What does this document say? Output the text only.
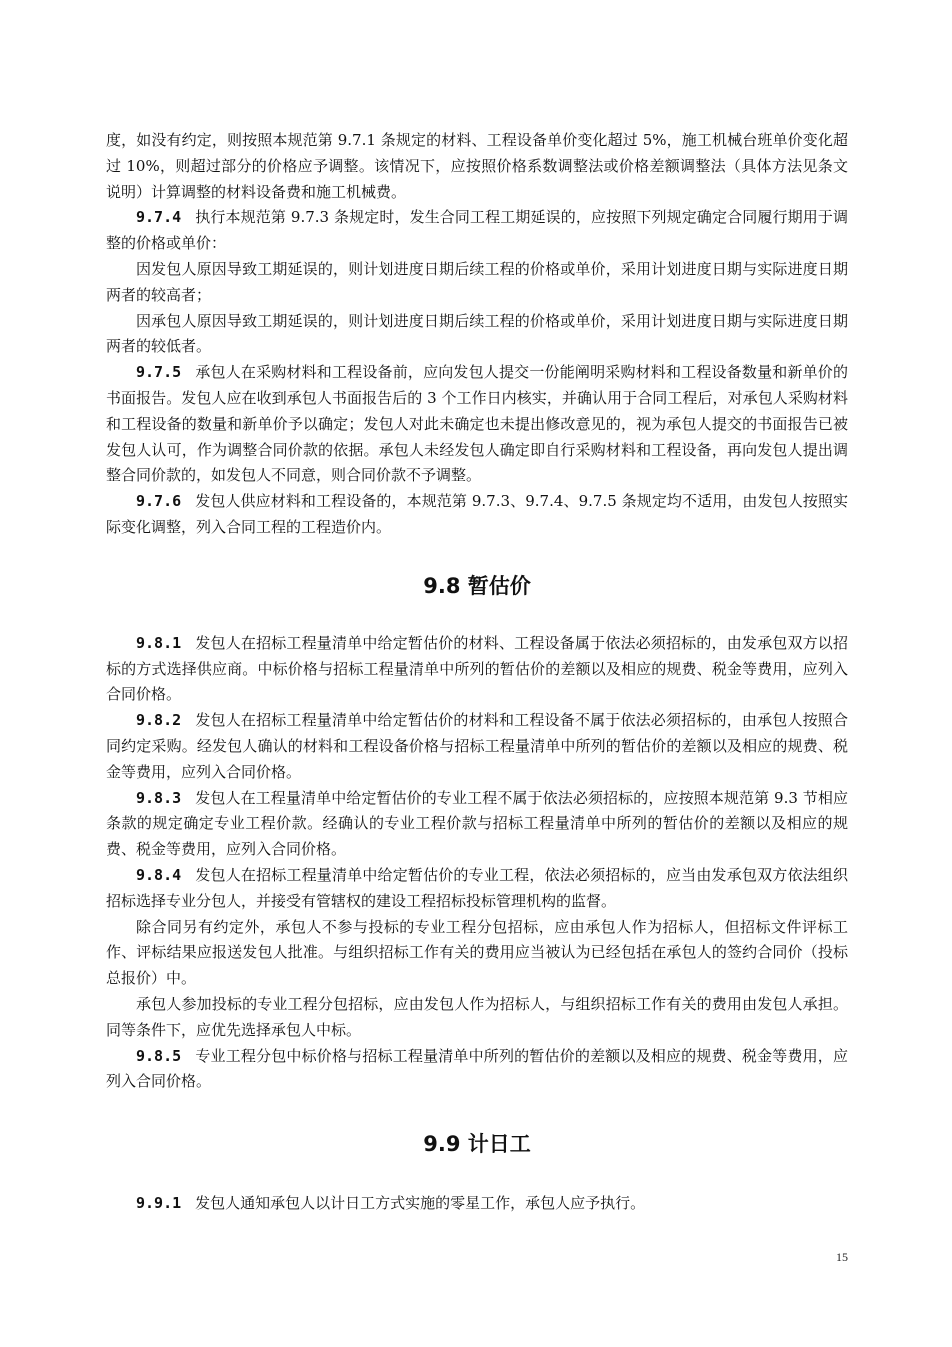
度，如没有约定，则按照本规范第 9.7.1 条规定的材料、工程设备单价变化超过 5%，施工机械台班单价变化超过 10%，则超过部分的价格应予调整。该情况下，应按照价格系数调整法或价格差额调整法（具体方法见条文说明）计算调整的材料设备费和施工机械费。

9.7.4 执行本规范第 9.7.3 条规定时，发生合同工程工期延误的，应按照下列规定确定合同履行期用于调整的价格或单价：

因发包人原因导致工期延误的，则计划进度日期后续工程的价格或单价，采用计划进度日期与实际进度日期两者的较高者；

因承包人原因导致工期延误的，则计划进度日期后续工程的价格或单价，采用计划进度日期与实际进度日期两者的较低者。

9.7.5 承包人在采购材料和工程设备前，应向发包人提交一份能阐明采购材料和工程设备数量和新单价的书面报告。发包人应在收到承包人书面报告后的 3 个工作日内核实，并确认用于合同工程后，对承包人采购材料和工程设备的数量和新单价予以确定；发包人对此未确定也未提出修改意见的，视为承包人提交的书面报告已被发包人认可，作为调整合同价款的依据。承包人未经发包人确定即自行采购材料和工程设备，再向发包人提出调整合同价款的，如发包人不同意，则合同价款不予调整。

9.7.6 发包人供应材料和工程设备的，本规范第 9.7.3、9.7.4、9.7.5 条规定均不适用，由发包人按照实际变化调整，列入合同工程的工程造价内。

9.8 暂估价

9.8.1 发包人在招标工程量清单中给定暂估价的材料、工程设备属于依法必须招标的，由发承包双方以招标的方式选择供应商。中标价格与招标工程量清单中所列的暂估价的差额以及相应的规费、税金等费用，应列入合同价格。

9.8.2 发包人在招标工程量清单中给定暂估价的材料和工程设备不属于依法必须招标的，由承包人按照合同约定采购。经发包人确认的材料和工程设备价格与招标工程量清单中所列的暂估价的差额以及相应的规费、税金等费用，应列入合同价格。

9.8.3 发包人在工程量清单中给定暂估价的专业工程不属于依法必须招标的，应按照本规范第 9.3 节相应条款的规定确定专业工程价款。经确认的专业工程价款与招标工程量清单中所列的暂估价的差额以及相应的规费、税金等费用，应列入合同价格。

9.8.4 发包人在招标工程量清单中给定暂估价的专业工程，依法必须招标的，应当由发承包双方依法组织招标选择专业分包人，并接受有管辖权的建设工程招标投标管理机构的监督。

除合同另有约定外，承包人不参与投标的专业工程分包招标，应由承包人作为招标人，但招标文件评标工作、评标结果应报送发包人批准。与组织招标工作有关的费用应当被认为已经包括在承包人的签约合同价（投标总报价）中。

承包人参加投标的专业工程分包招标，应由发包人作为招标人，与组织招标工作有关的费用由发包人承担。同等条件下，应优先选择承包人中标。

9.8.5 专业工程分包中标价格与招标工程量清单中所列的暂估价的差额以及相应的规费、税金等费用，应列入合同价格。

9.9 计日工

9.9.1 发包人通知承包人以计日工方式实施的零星工作，承包人应予执行。

15
